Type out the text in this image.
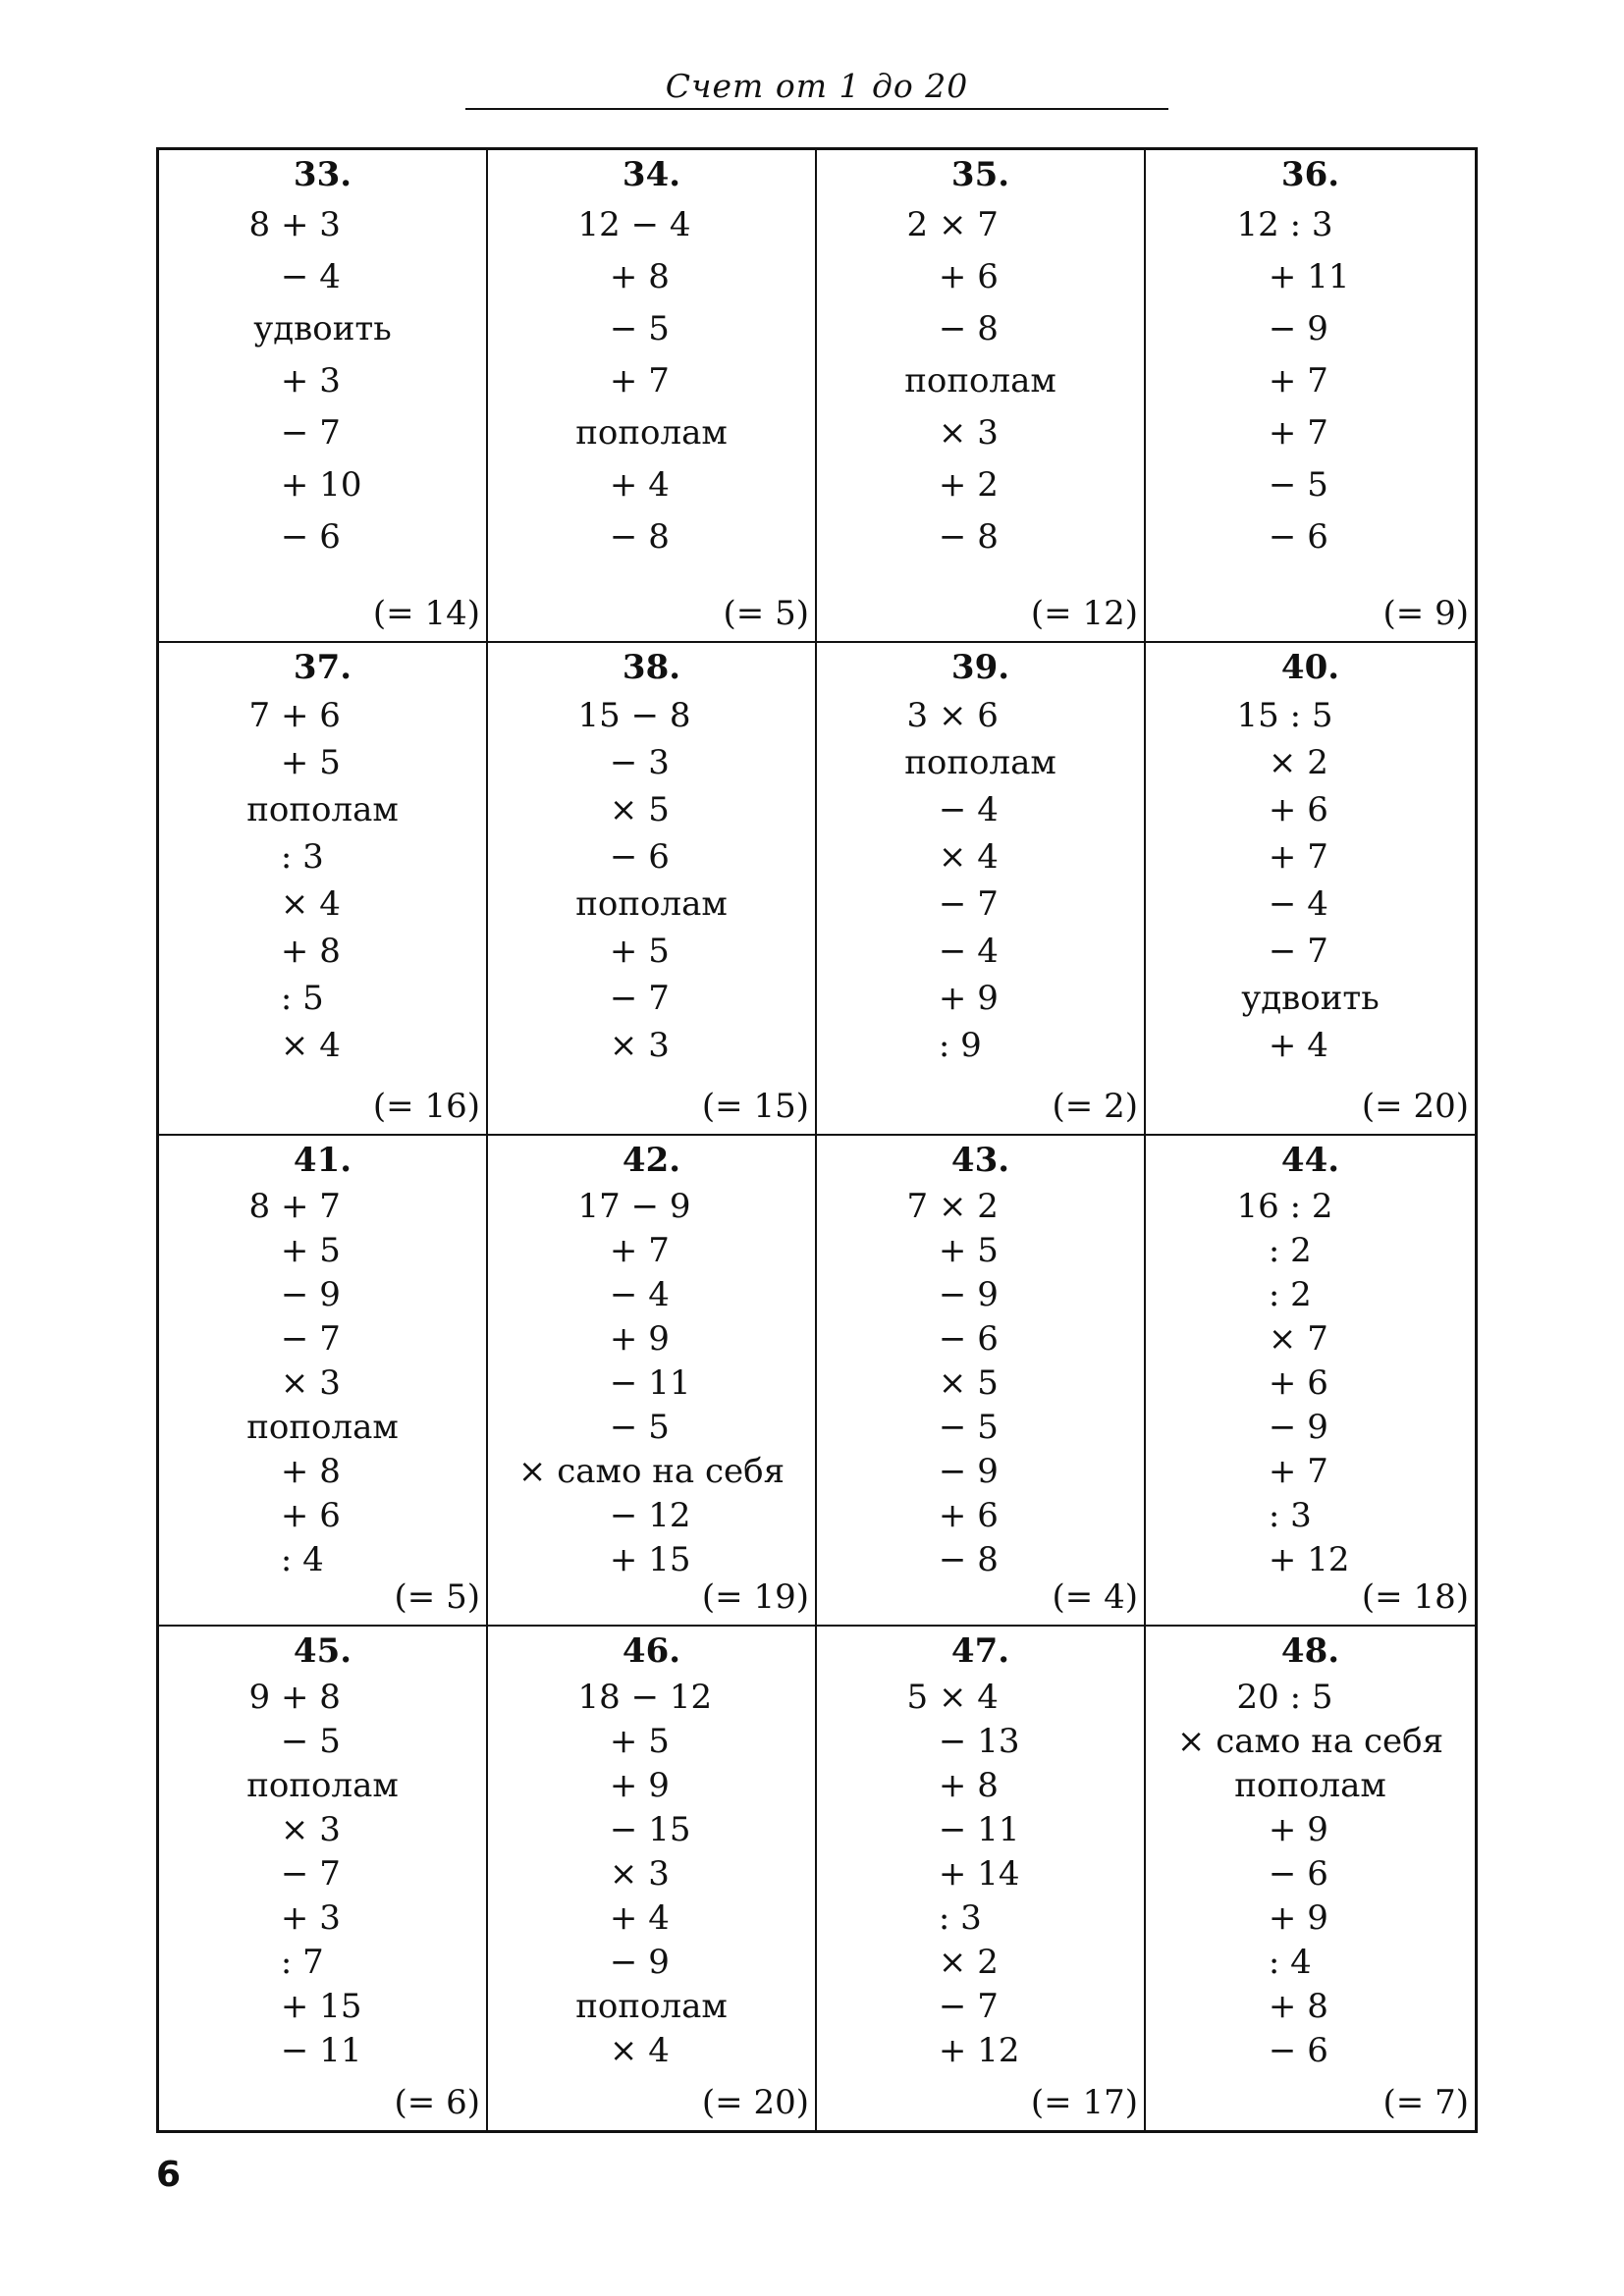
Счет от 1 до 20
33.
8 + 3
− 4
удвоить
+ 3
− 7
+ 10
− 6
(= 14)
34.
12 − 4
+ 8
− 5
+ 7
пополам
+ 4
− 8
(= 5)
35.
2 × 7
+ 6
− 8
пополам
× 3
+ 2
− 8
(= 12)
36.
12 : 3
+ 11
− 9
+ 7
+ 7
− 5
− 6
(= 9)
37.
7 + 6
+ 5
пополам
: 3
× 4
+ 8
: 5
× 4
(= 16)
38.
15 − 8
− 3
× 5
− 6
пополам
+ 5
− 7
× 3
(= 15)
39.
3 × 6
пополам
− 4
× 4
− 7
− 4
+ 9
: 9
(= 2)
40.
15 : 5
× 2
+ 6
+ 7
− 4
− 7
удвоить
+ 4
(= 20)
41.
8 + 7
+ 5
− 9
− 7
× 3
пополам
+ 8
+ 6
: 4
(= 5)
42.
17 − 9
+ 7
− 4
+ 9
− 11
− 5
× само на себя
− 12
+ 15
(= 19)
43.
7 × 2
+ 5
− 9
− 6
× 5
− 5
− 9
+ 6
− 8
(= 4)
44.
16 : 2
: 2
: 2
× 7
+ 6
− 9
+ 7
: 3
+ 12
(= 18)
45.
9 + 8
− 5
пополам
× 3
− 7
+ 3
: 7
+ 15
− 11
(= 6)
46.
18 − 12
+ 5
+ 9
− 15
× 3
+ 4
− 9
пополам
× 4
(= 20)
47.
5 × 4
− 13
+ 8
− 11
+ 14
: 3
× 2
− 7
+ 12
(= 17)
48.
20 : 5
× само на себя
пополам
+ 9
− 6
+ 9
: 4
+ 8
− 6
(= 7)
6
